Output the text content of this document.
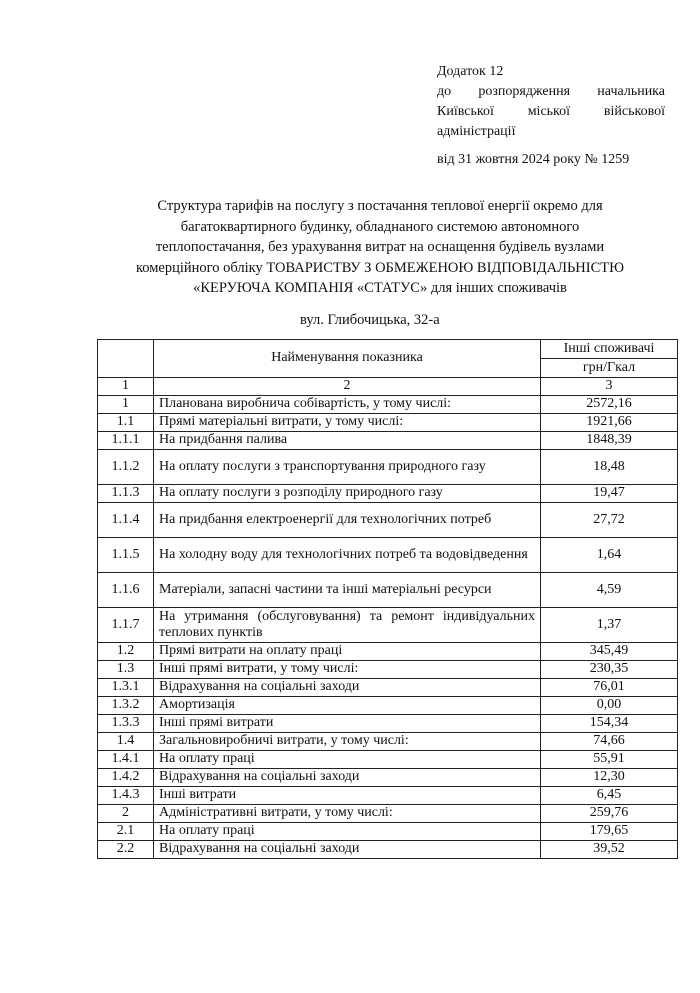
Додаток 12
до розпорядження начальника
Київської міської військової
адміністрації
від 31 жовтня 2024 року № 1259
Структура тарифів на послугу з постачання теплової енергії окремо для
багатоквартирного будинку, обладнаного системою автономного
теплопостачання, без урахування витрат на оснащення будівель вузлами
комерційного обліку ТОВАРИСТВУ З ОБМЕЖЕНОЮ ВІДПОВІДАЛЬНІСТЮ
«КЕРУЮЧА КОМПАНІЯ «СТАТУС» для інших споживачів
вул. Глибочицька, 32-а
	Найменування показника	Інші споживачі
		грн/Гкал
1	2	3
1	Планована виробнича собівартість, у тому числі:	2572,16
1.1	Прямі матеріальні витрати, у тому числі:	1921,66
1.1.1	На придбання палива	1848,39
1.1.2	На оплату послуги з транспортування природного газу	18,48
1.1.3	На оплату послуги з розподілу природного газу	19,47
1.1.4	На придбання електроенергії для технологічних потреб	27,72
1.1.5	На холодну воду для технологічних потреб та водовідведення	1,64
1.1.6	Матеріали, запасні частини та інші матеріальні ресурси	4,59
1.1.7	На утримання (обслуговування) та ремонт індивідуальних теплових пунктів	1,37
1.2	Прямі витрати на оплату праці	345,49
1.3	Інші прямі витрати, у тому числі:	230,35
1.3.1	Відрахування на соціальні заходи	76,01
1.3.2	Амортизація	0,00
1.3.3	Інші прямі витрати	154,34
1.4	Загальновиробничі витрати, у тому числі:	74,66
1.4.1	На оплату праці	55,91
1.4.2	Відрахування на соціальні заходи	12,30
1.4.3	Інші витрати	6,45
2	Адміністративні витрати, у тому числі:	259,76
2.1	На оплату праці	179,65
2.2	Відрахування на соціальні заходи	39,52
